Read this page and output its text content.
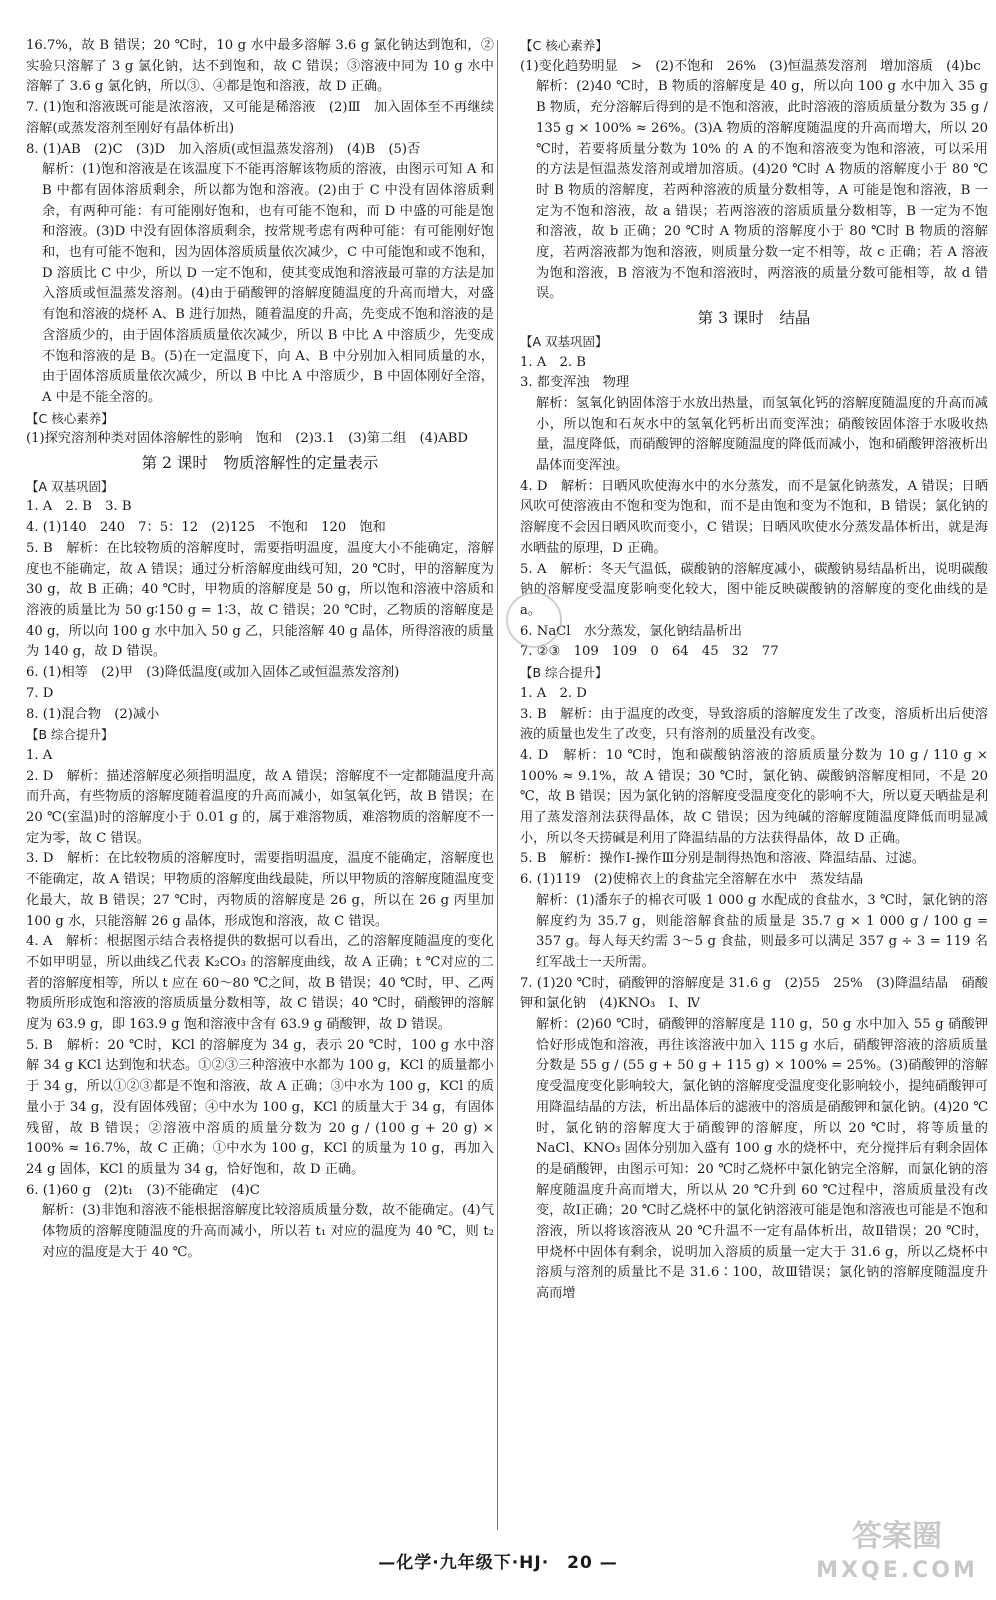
16.7%，故 B 错误；20 ℃时，10 g 水中最多溶解 3.6 g 氯化钠达到饱和，②实验只溶解了 3 g 氯化钠，达不到饱和，故 C 错误；③溶液中同为 10 g 水中溶解了 3.6 g 氯化钠，所以③、④都是饱和溶液，故 D 正确。
7. (1)饱和溶液既可能是浓溶液，又可能是稀溶液　(2)Ⅲ　加入固体至不再继续溶解(或蒸发溶剂至刚好有晶体析出)
8. (1)AB　(2)C　(3)D　加入溶质(或恒温蒸发溶剂)　(4)B　(5)否
解析：(1)饱和溶液是在该温度下不能再溶解该物质的溶液，由图示可知 A 和 B 中都有固体溶质剩余，所以都为饱和溶液。(2)由于 C 中没有固体溶质剩余，有两种可能：有可能刚好饱和，也有可能不饱和，而 D 中盛的可能是饱和溶液。(3)D 中没有固体溶质剩余，按常规考虑有两种可能：有可能刚好饱和，也有可能不饱和，因为固体溶质质量依次减少，C 中可能饱和或不饱和，D 溶质比 C 中少，所以 D 一定不饱和，使其变成饱和溶液最可靠的方法是加入溶质或恒温蒸发溶剂。(4)由于硝酸钾的溶解度随温度的升高而增大，对盛有饱和溶液的烧杯 A、B 进行加热，随着温度的升高，先变成不饱和溶液的是含溶质少的，由于固体溶质质量依次减少，所以 B 中比 A 中溶质少，先变成不饱和溶液的是 B。(5)在一定温度下，向 A、B 中分别加入相同质量的水，由于固体溶质质量依次减少，所以 B 中比 A 中溶质少，B 中固体刚好全溶，A 中是不能全溶的。
【C 核心素养】
(1)探究溶剂种类对固体溶解性的影响　饱和　(2)3.1　(3)第二组　(4)ABD
第 2 课时　物质溶解性的定量表示
【A 双基巩固】
1. A　2. B　3. B
4. (1)140　240　7：5：12　(2)125　不饱和　120　饱和
5. B　解析：在比较物质的溶解度时，需要指明温度，温度大小不能确定，溶解度也不能确定，故 A 错误；通过分析溶解度曲线可知，20 ℃时，甲的溶解度为 30 g，故 B 正确；40 ℃时，甲物质的溶解度是 50 g，所以饱和溶液中溶质和溶液的质量比为 50 g∶150 g = 1∶3，故 C 错误；20 ℃时，乙物质的溶解度是 40 g，所以向 100 g 水中加入 50 g 乙，只能溶解 40 g 晶体，所得溶液的质量为 140 g，故 D 错误。
6. (1)相等　(2)甲　(3)降低温度(或加入固体乙或恒温蒸发溶剂)
7. D
8. (1)混合物　(2)减小
【B 综合提升】
1. A
2. D　解析：描述溶解度必须指明温度，故 A 错误；溶解度不一定都随温度升高而升高，有些物质的溶解度随着温度的升高而减小，如氢氧化钙，故 B 错误；在 20 ℃(室温)时的溶解度小于 0.01 g 的，属于难溶物质，难溶物质的溶解度不一定为零，故 C 错误。
3. D　解析：在比较物质的溶解度时，需要指明温度，温度不能确定，溶解度也不能确定，故 A 错误；甲物质的溶解度曲线最陡，所以甲物质的溶解度随温度变化最大，故 B 错误；27 ℃时，丙物质的溶解度是 26 g，所以在 26 g 丙里加 100 g 水，只能溶解 26 g 晶体，形成饱和溶液，故 C 错误。
4. A　解析：根据图示结合表格提供的数据可以看出，乙的溶解度随温度的变化不如甲明显，所以曲线乙代表 K₂CO₃ 的溶解度曲线，故 A 正确；t ℃对应的二者的溶解度相等，所以 t 应在 60～80 ℃之间，故 B 错误；40 ℃时，甲、乙两物质所形成饱和溶液的溶质质量分数相等，故 C 错误；40 ℃时，硝酸钾的溶解度为 63.9 g，即 163.9 g 饱和溶液中含有 63.9 g 硝酸钾，故 D 错误。
5. B　解析：20 ℃时，KCl 的溶解度为 34 g，表示 20 ℃时，100 g 水中溶解 34 g KCl 达到饱和状态。①②③三种溶液中水都为 100 g，KCl 的质量都小于 34 g，所以①②③都是不饱和溶液，故 A 正确；③中水为 100 g，KCl 的质量小于 34 g，没有固体残留；④中水为 100 g，KCl 的质量大于 34 g，有固体残留，故 B 错误；②溶液中溶质的质量分数为 20 g / (100 g + 20 g) × 100% ≈ 16.7%，故 C 正确；①中水为 100 g，KCl 的质量为 10 g，再加入 24 g 固体，KCl 的质量为 34 g，恰好饱和，故 D 正确。
6. (1)60 g　(2)t₁　(3)不能确定　(4)C
解析：(3)非饱和溶液不能根据溶解度比较溶质质量分数，故不能确定。(4)气体物质的溶解度随温度的升高而减小，所以若 t₁ 对应的温度为 40 ℃，则 t₂ 对应的温度是大于 40 ℃。
【C 核心素养】
(1)变化趋势明显　>　(2)不饱和　26%　(3)恒温蒸发溶剂　增加溶质　(4)bc
解析：(2)40 ℃时，B 物质的溶解度是 40 g，所以向 100 g 水中加入 35 g B 物质，充分溶解后得到的是不饱和溶液，此时溶液的溶质质量分数为 35 g / 135 g × 100% ≈ 26%。(3)A 物质的溶解度随温度的升高而增大，所以 20 ℃时，若要将质量分数为 10% 的 A 的不饱和溶液变为饱和溶液，可以采用的方法是恒温蒸发溶剂或增加溶质。(4)20 ℃时 A 物质的溶解度小于 80 ℃时 B 物质的溶解度，若两种溶液的质量分数相等，A 可能是饱和溶液，B 一定为不饱和溶液，故 a 错误；若两溶液的溶质质量分数相等，B 一定为不饱和溶液，故 b 正确；20 ℃时 A 物质的溶解度小于 80 ℃时 B 物质的溶解度，若两溶液都为饱和溶液，则质量分数一定不相等，故 c 正确；若 A 溶液为饱和溶液，B 溶液为不饱和溶液时，两溶液的质量分数可能相等，故 d 错误。
第 3 课时　结晶
【A 双基巩固】
1. A　2. B
3. 都变浑浊　物理
解析：氢氧化钠固体溶于水放出热量，而氢氧化钙的溶解度随温度的升高而减小，所以饱和石灰水中的氢氧化钙析出而变浑浊；硝酸铵固体溶于水吸收热量，温度降低，而硝酸钾的溶解度随温度的降低而减小，饱和硝酸钾溶液析出晶体而变浑浊。
4. D　解析：日晒风吹使海水中的水分蒸发，而不是氯化钠蒸发，A 错误；日晒风吹可使溶液由不饱和变为饱和，而不是由饱和变为不饱和，B 错误；氯化钠的溶解度不会因日晒风吹而变小，C 错误；日晒风吹使水分蒸发晶体析出，就是海水晒盐的原理，D 正确。
5. A　解析：冬天气温低，碳酸钠的溶解度减小，碳酸钠易结晶析出，说明碳酸钠的溶解度受温度影响变化较大，图中能反映碳酸钠的溶解度的变化曲线的是 a。
6. NaCl　水分蒸发，氯化钠结晶析出
7. ②③　109　109　0　64　45　32　77
【B 综合提升】
1. A　2. D
3. B　解析：由于温度的改变，导致溶质的溶解度发生了改变，溶质析出后使溶液的质量也发生了改变，只有溶剂的质量没有改变。
4. D　解析：10 ℃时，饱和碳酸钠溶液的溶质质量分数为 10 g / 110 g × 100% ≈ 9.1%，故 A 错误；30 ℃时，氯化钠、碳酸钠溶解度相同，不是 20 ℃，故 B 错误；因为氯化钠的溶解度受温度变化的影响不大，所以夏天晒盐是利用了蒸发溶剂法获得晶体，故 C 错误；因为纯碱的溶解度随温度降低而明显减小，所以冬天捞碱是利用了降温结晶的方法获得晶体，故 D 正确。
5. B　解析：操作Ⅰ-操作Ⅲ分别是制得热饱和溶液、降温结晶、过滤。
6. (1)119　(2)使棉衣上的食盐完全溶解在水中　蒸发结晶
解析：(1)潘东子的棉衣可吸 1 000 g 水配成的食盐水，3 ℃时，氯化钠的溶解度约为 35.7 g，则能溶解食盐的质量是 35.7 g × 1 000 g / 100 g = 357 g。每人每天约需 3～5 g 食盐，则最多可以满足 357 g ÷ 3 = 119 名红军战士一天所需。
7. (1)20 ℃时，硝酸钾的溶解度是 31.6 g　(2)55　25%　(3)降温结晶　硝酸钾和氯化钠　(4)KNO₃　Ⅰ、Ⅳ
解析：(2)60 ℃时，硝酸钾的溶解度是 110 g，50 g 水中加入 55 g 硝酸钾恰好形成饱和溶液，再往该溶液中加入 115 g 水后，硝酸钾溶液的溶质质量分数是 55 g / (55 g + 50 g + 115 g) × 100% = 25%。(3)硝酸钾的溶解度受温度变化影响较大，氯化钠的溶解度受温度变化影响较小，提纯硝酸钾可用降温结晶的方法，析出晶体后的滤液中的溶质是硝酸钾和氯化钠。(4)20 ℃时，氯化钠的溶解度大于硝酸钾的溶解度，所以 20 ℃时，将等质量的 NaCl、KNO₃ 固体分别加入盛有 100 g 水的烧杯中，充分搅拌后有剩余固体的是硝酸钾，由图示可知：20 ℃时乙烧杯中氯化钠完全溶解，而氯化钠的溶解度随温度升高而增大，所以从 20 ℃升到 60 ℃过程中，溶质质量没有改变，故Ⅰ正确；20 ℃时乙烧杯中的氯化钠溶液可能是饱和溶液也可能是不饱和溶液，所以将该溶液从 20 ℃升温不一定有晶体析出，故Ⅱ错误；20 ℃时，甲烧杯中固体有剩余，说明加入溶质的质量一定大于 31.6 g，所以乙烧杯中溶质与溶剂的质量比不是 31.6∶100，故Ⅲ错误；氯化钠的溶解度随温度升高而增
—化学·九年级下·HJ·　20 —
答案圈
MXQE.COM
